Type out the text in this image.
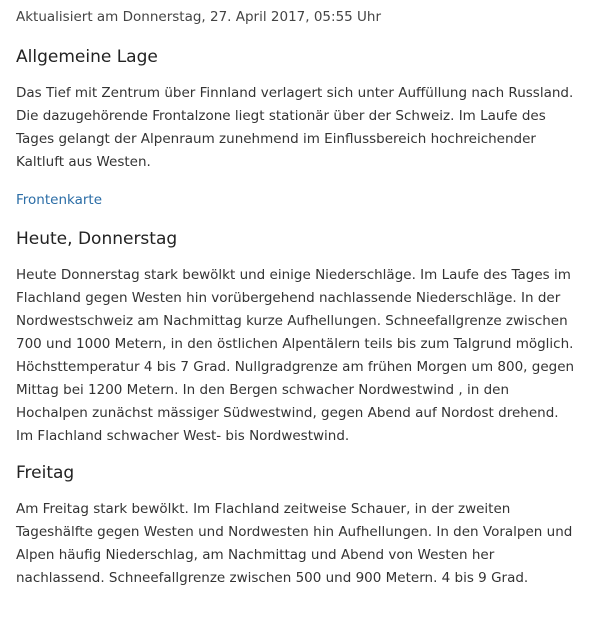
Aktualisiert am Donnerstag, 27. April 2017, 05:55 Uhr
Allgemeine Lage

Das Tief mit Zentrum über Finnland verlagert sich unter Auffüllung nach Russland. Die dazugehörende Frontalzone liegt stationär über der Schweiz. Im Laufe des Tages gelangt der Alpenraum zunehmend im Einflussbereich hochreichender Kaltluft aus Westen.

Frontenkarte
Heute, Donnerstag

Heute Donnerstag stark bewölkt und einige Niederschläge. Im Laufe des Tages im Flachland gegen Westen hin vorübergehend nachlassende Niederschläge. In der Nordwestschweiz am Nachmittag kurze Aufhellungen. Schneefallgrenze zwischen 700 und 1000 Metern, in den östlichen Alpentälern teils bis zum Talgrund möglich. Höchsttemperatur 4 bis 7 Grad. Nullgradgrenze am frühen Morgen um 800, gegen Mittag bei 1200 Metern. In den Bergen schwacher Nordwestwind , in den Hochalpen zunächst mässiger Südwestwind, gegen Abend auf Nordost drehend. Im Flachland schwacher West- bis Nordwestwind.

Freitag

Am Freitag stark bewölkt. Im Flachland zeitweise Schauer, in der zweiten Tageshälfte gegen Westen und Nordwesten hin Aufhellungen. In den Voralpen und Alpen häufig Niederschlag, am Nachmittag und Abend von Westen her nachlassend. Schneefallgrenze zwischen 500 und 900 Metern. 4 bis 9 Grad.
